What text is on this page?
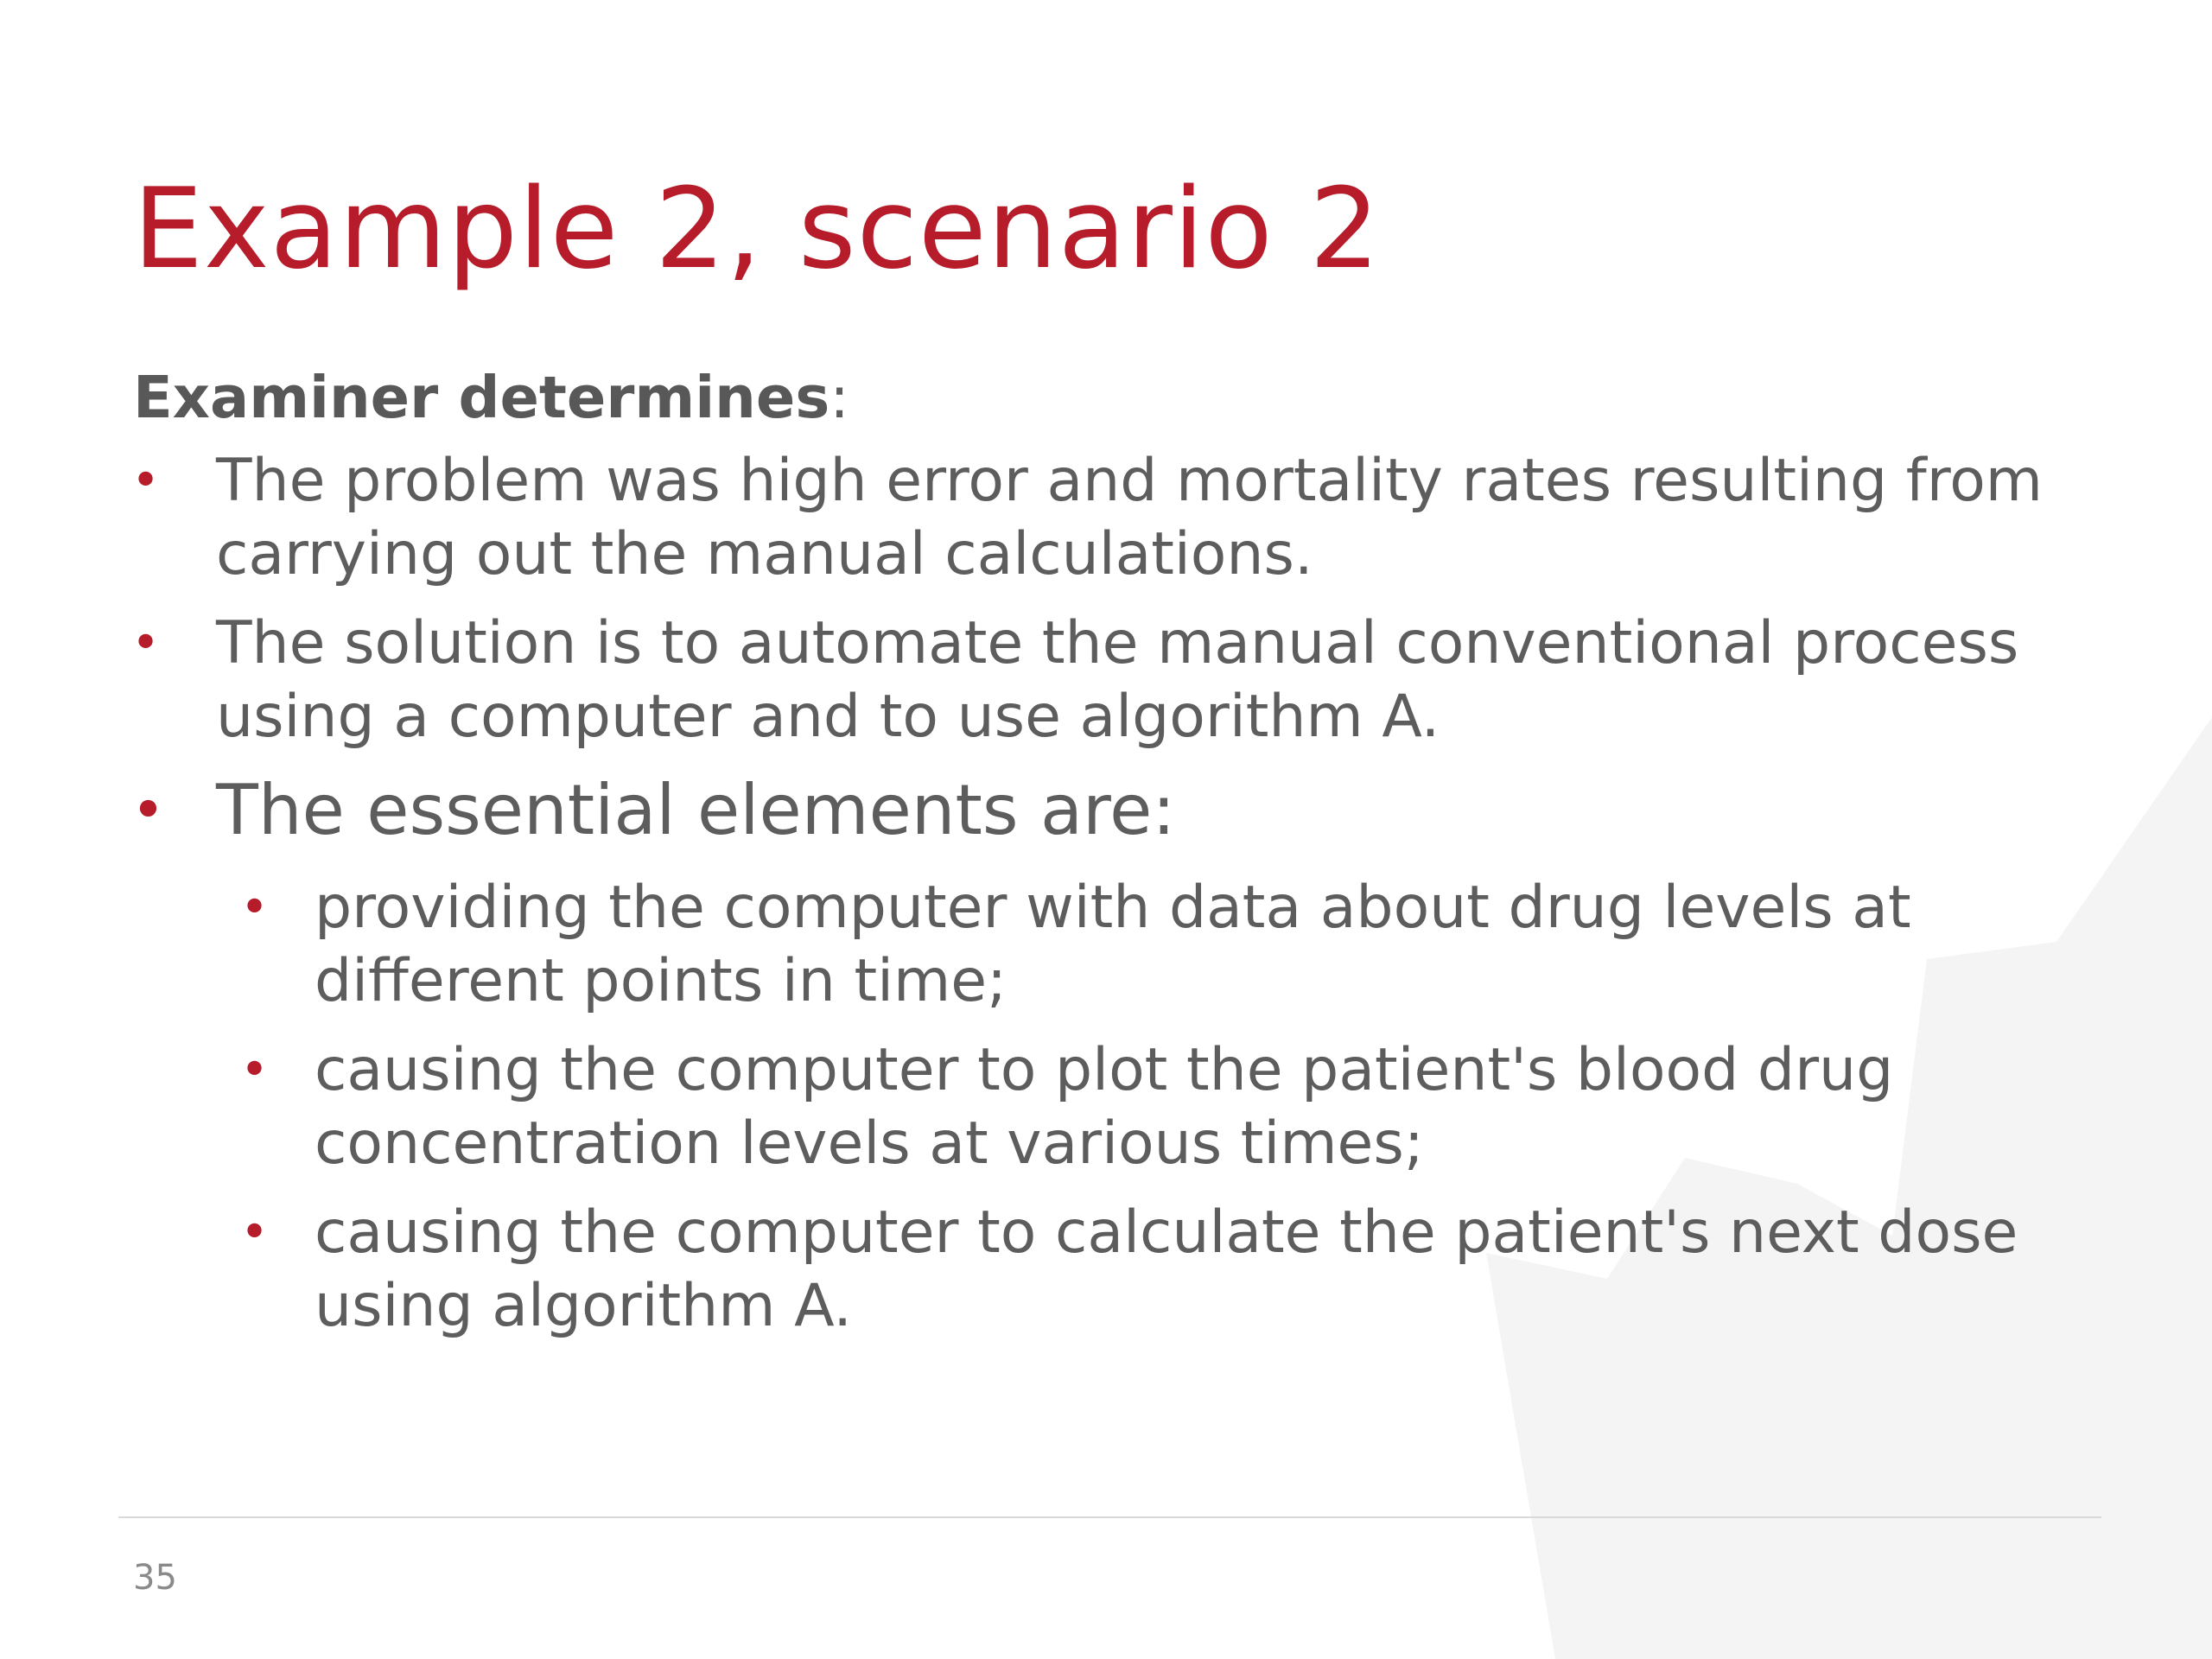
Example 2, scenario 2

Examiner determines:

• The problem was high error and mortality rates resulting from carrying out the manual calculations.
• The solution is to automate the manual conventional process using a computer and to use algorithm A.
• The essential elements are:
• providing the computer with data about drug levels at different points in time;
• causing the computer to plot the patient's blood drug concentration levels at various times;
• causing the computer to calculate the patient's next dose using algorithm A.
35
